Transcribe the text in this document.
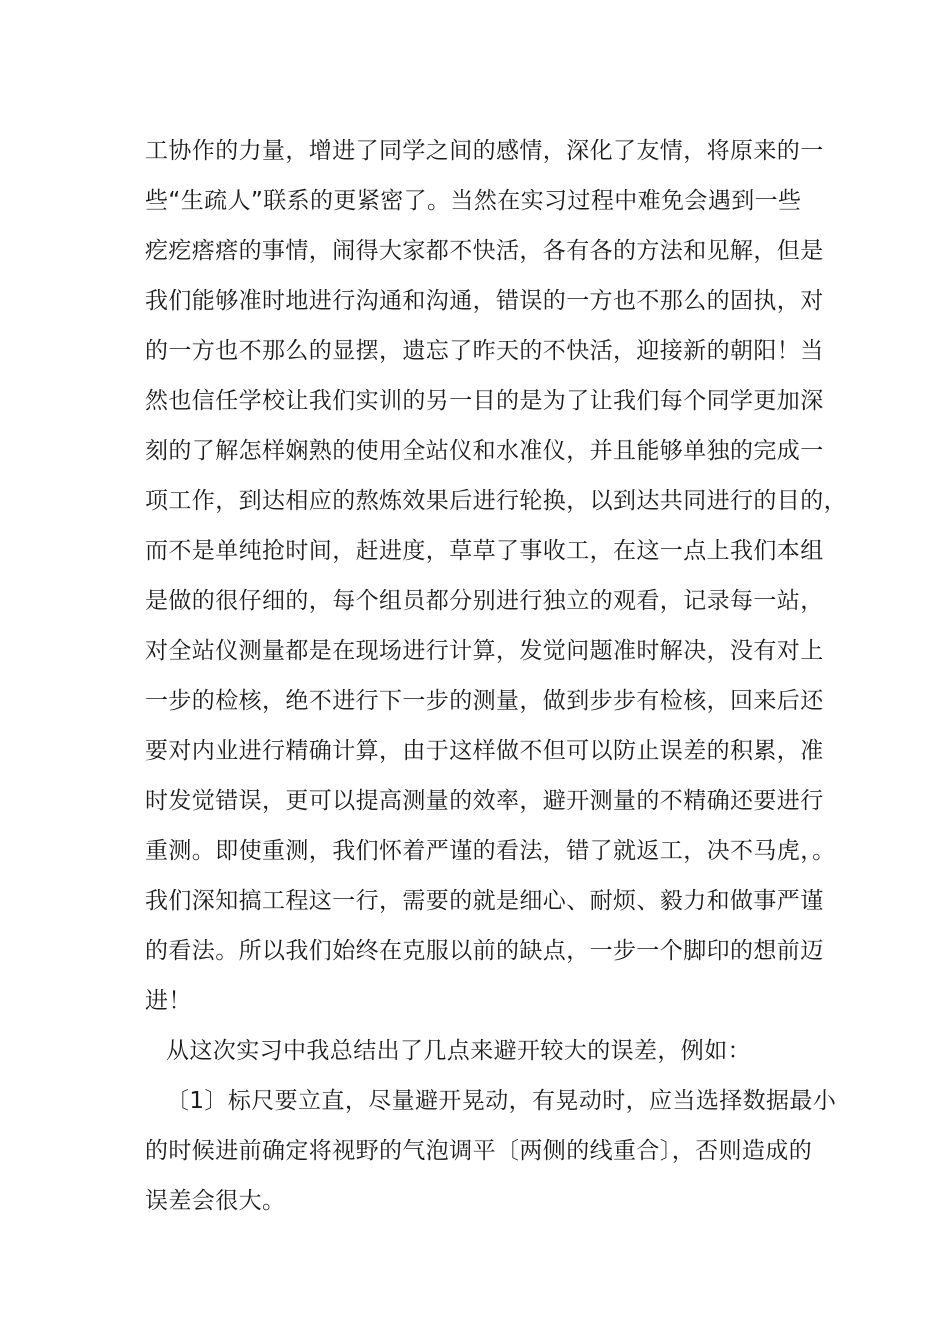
工协作的力量，增进了同学之间的感情，深化了友情，将原来的一
些“生疏人”联系的更紧密了。当然在实习过程中难免会遇到一些
疙疙瘩瘩的事情，闹得大家都不快活，各有各的方法和见解，但是
我们能够准时地进行沟通和沟通，错误的一方也不那么的固执，对
的一方也不那么的显摆，遗忘了昨天的不快活，迎接新的朝阳！当
然也信任学校让我们实训的另一目的是为了让我们每个同学更加深
刻的了解怎样娴熟的使用全站仪和水准仪，并且能够单独的完成一
项工作，到达相应的熬炼效果后进行轮换，以到达共同进行的目的，
而不是单纯抢时间，赶进度，草草了事收工，在这一点上我们本组
是做的很仔细的，每个组员都分别进行独立的观看，记录每一站，
对全站仪测量都是在现场进行计算，发觉问题准时解决，没有对上
一步的检核，绝不进行下一步的测量，做到步步有检核，回来后还
要对内业进行精确计算，由于这样做不但可以防止误差的积累，准
时发觉错误，更可以提高测量的效率，避开测量的不精确还要进行
重测。即使重测，我们怀着严谨的看法，错了就返工，决不马虎，。
我们深知搞工程这一行，需要的就是细心、耐烦、毅力和做事严谨
的看法。所以我们始终在克服以前的缺点，一步一个脚印的想前迈
进！
从这次实习中我总结出了几点来避开较大的误差，例如：
〔1〕标尺要立直，尽量避开晃动，有晃动时，应当选择数据最小
的时候进前确定将视野的气泡调平〔两侧的线重合〕，否则造成的
误差会很大。
